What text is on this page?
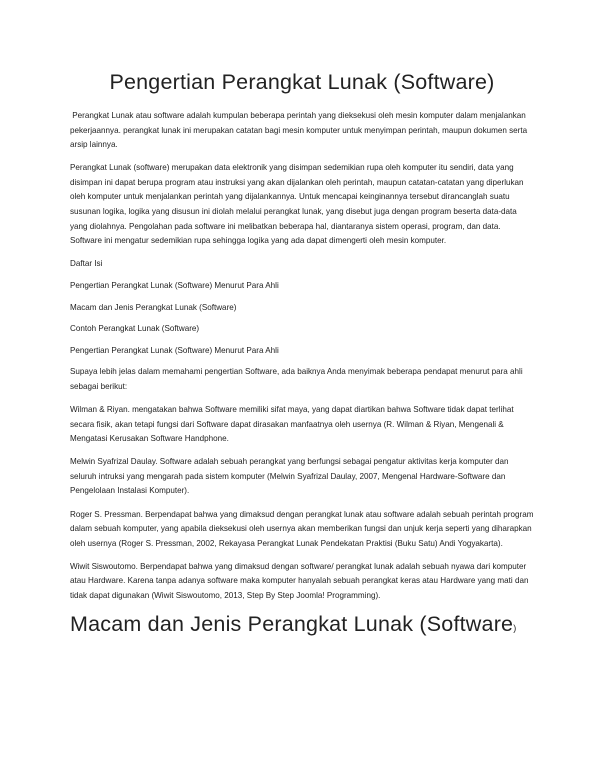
Pengertian Perangkat Lunak (Software)

Perangkat Lunak atau software adalah kumpulan beberapa perintah yang dieksekusi oleh mesin komputer dalam menjalankan pekerjaannya. perangkat lunak ini merupakan catatan bagi mesin komputer untuk menyimpan perintah, maupun dokumen serta arsip lainnya.

Perangkat Lunak (software) merupakan data elektronik yang disimpan sedemikian rupa oleh komputer itu sendiri, data yang disimpan ini dapat berupa program atau instruksi yang akan dijalankan oleh perintah, maupun catatan-catatan yang diperlukan oleh komputer untuk menjalankan perintah yang dijalankannya. Untuk mencapai keinginannya tersebut dirancanglah suatu susunan logika, logika yang disusun ini diolah melalui perangkat lunak, yang disebut juga dengan program beserta data-data yang diolahnya. Pengolahan pada software ini melibatkan beberapa hal, diantaranya sistem operasi, program, dan data. Software ini mengatur sedemikian rupa sehingga logika yang ada dapat dimengerti oleh mesin komputer.

Daftar Isi

Pengertian Perangkat Lunak (Software) Menurut Para Ahli

Macam dan Jenis Perangkat Lunak (Software)

Contoh Perangkat Lunak (Software)

Pengertian Perangkat Lunak (Software) Menurut Para Ahli

Supaya lebih jelas dalam memahami pengertian Software, ada baiknya Anda menyimak beberapa pendapat menurut para ahli sebagai berikut:

Wilman & Riyan. mengatakan bahwa Software memiliki sifat maya, yang dapat diartikan bahwa Software tidak dapat terlihat secara fisik, akan tetapi fungsi dari Software dapat dirasakan manfaatnya oleh usernya (R. Wilman & Riyan, Mengenali & Mengatasi Kerusakan Software Handphone.

Melwin Syafrizal Daulay. Software adalah sebuah perangkat yang berfungsi sebagai pengatur aktivitas kerja komputer dan seluruh intruksi yang mengarah pada sistem komputer (Melwin Syafrizal Daulay, 2007, Mengenal Hardware-Software dan Pengelolaan Instalasi Komputer).

Roger S. Pressman. Berpendapat bahwa yang dimaksud dengan perangkat lunak atau software adalah sebuah perintah program dalam sebuah komputer, yang apabila dieksekusi oleh usernya akan memberikan fungsi dan unjuk kerja seperti yang diharapkan oleh usernya (Roger S. Pressman, 2002, Rekayasa Perangkat Lunak Pendekatan Praktisi (Buku Satu) Andi Yogyakarta).

Wiwit Siswoutomo. Berpendapat bahwa yang dimaksud dengan software/ perangkat lunak adalah sebuah nyawa dari komputer atau Hardware. Karena tanpa adanya software maka komputer hanyalah sebuah perangkat keras atau Hardware yang mati dan tidak dapat digunakan (Wiwit Siswoutomo, 2013, Step By Step Joomla! Programming).

Macam dan Jenis Perangkat Lunak (Software)
